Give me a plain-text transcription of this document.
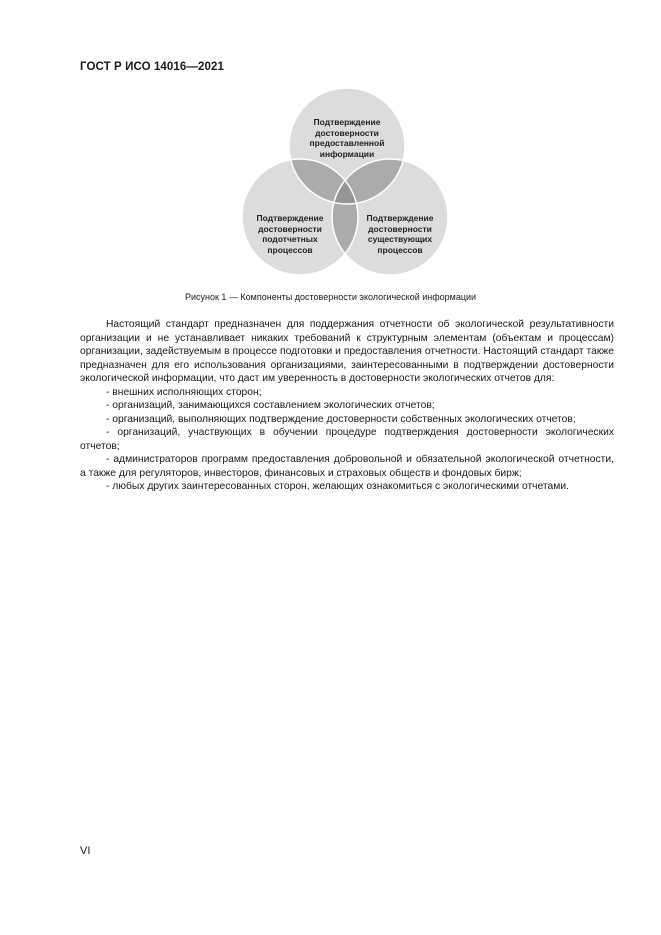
ГОСТ Р ИСО 14016—2021
Подтверждение
достоверности
предоставленной
информации
Подтверждение
достоверности
подотчетных
процессов
Подтверждение
достоверности
существующих
процессов
Рисунок 1 — Компоненты достоверности экологической информации

Настоящий стандарт предназначен для поддержания отчетности об экологической результативности организации и не устанавливает никаких требований к структурным элементам (объектам и процессам) организации, задействуемым в процессе подготовки и предоставления отчетности. Настоящий стандарт также предназначен для его использования организациями, заинтересованными в подтверждении достоверности экологической информации, что даст им уверенность в достоверности экологических отчетов для:

- внешних исполняющих сторон;
- организаций, занимающихся составлением экологических отчетов;
- организаций, выполняющих подтверждение достоверности собственных экологических отчетов;
- организаций, участвующих в обучении процедуре подтверждения достоверности экологических отчетов;
- администраторов программ предоставления добровольной и обязательной экологической отчетности, а также для регуляторов, инвесторов, финансовых и страховых обществ и фондовых бирж;
- любых других заинтересованных сторон, желающих ознакомиться с экологическими отчетами.
VI
